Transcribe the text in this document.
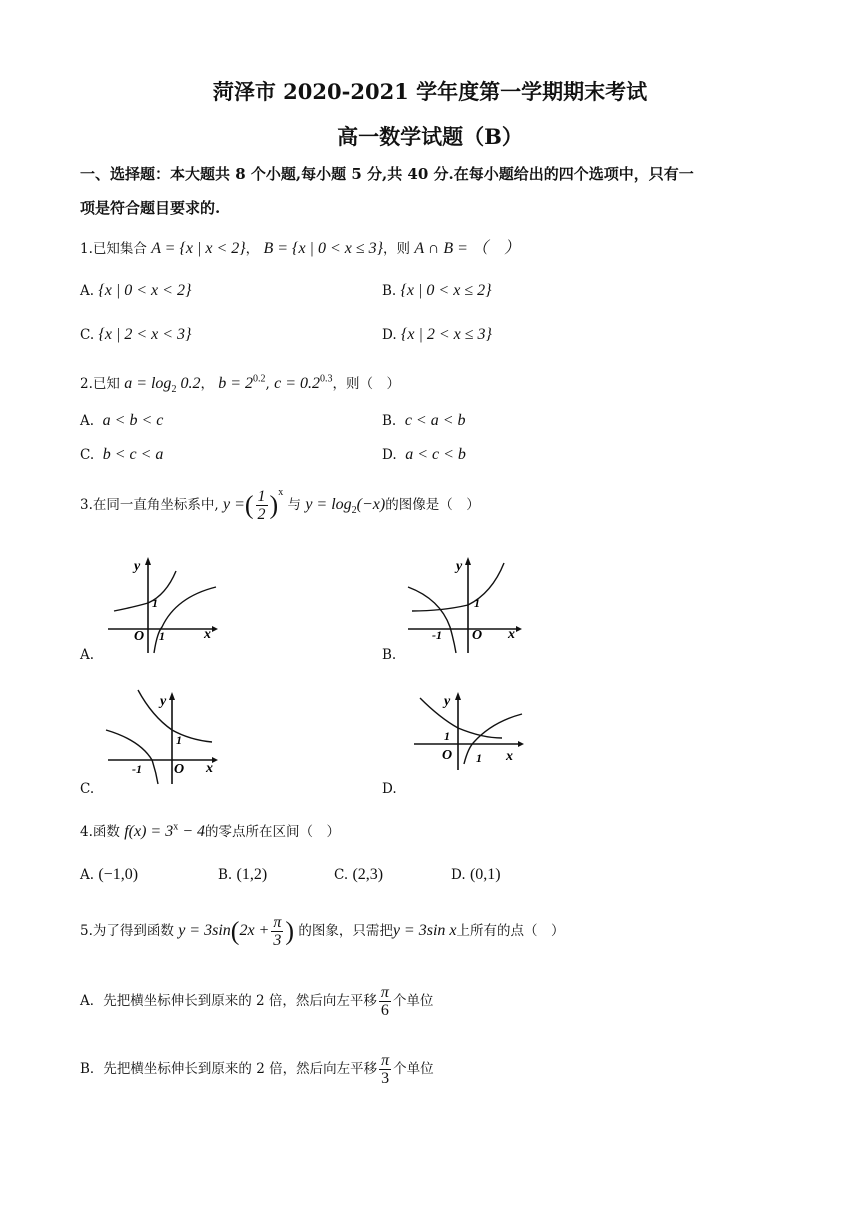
菏泽市 2020-2021 学年度第一学期期末考试
高一数学试题（B）
一、选择题：本大题共 8 个小题,每小题 5 分,共 40 分.在每小题给出的四个选项中，只有一
项是符合题目要求的.
1.已知集合 A = {x | x < 2}， B = {x | 0 < x ≤ 3}，则 A ∩ B = （　）
A. {x | 0 < x < 2}	B. {x | 0 < x ≤ 2}
C. {x | 2 < x < 3}	D. {x | 2 < x ≤ 3}
2.已知 $a = \log_2 0.2$， $b = 2^{0.2}$, $c = 0.2^{0.3}$，则（　）
A. a < b < c	B. c < a < b
C. b < c < a	D. a < c < b
3.在同一直角坐标系中, y =( $\frac{1}{2} )^x$ 与 $y = \log_2(-x)$的图像是（　）
A.
y
O
1
1	x
B.
y
O
1
-1	x
C.
y
O
1
-1	x
D.
y
O
1
1 x
4.函数 $f(x) = 3^x - 4$的零点所在区间（　）
A. (−1,0)	B. (1,2)	C. (2,3)	D. (0,1)
5.为了得到函数 $y = 3\sin(2x + \frac{\pi}{3}$ ) 的图象，只需把y = 3sin x上所有的点（　）
A．先把横坐标伸长到原来的 2 倍，然后向左平移 $\frac{\pi}{6}$ 个单位
B．先把横坐标伸长到原来的 2 倍，然后向左平移 $\frac{\pi}{3}$ 个单位
